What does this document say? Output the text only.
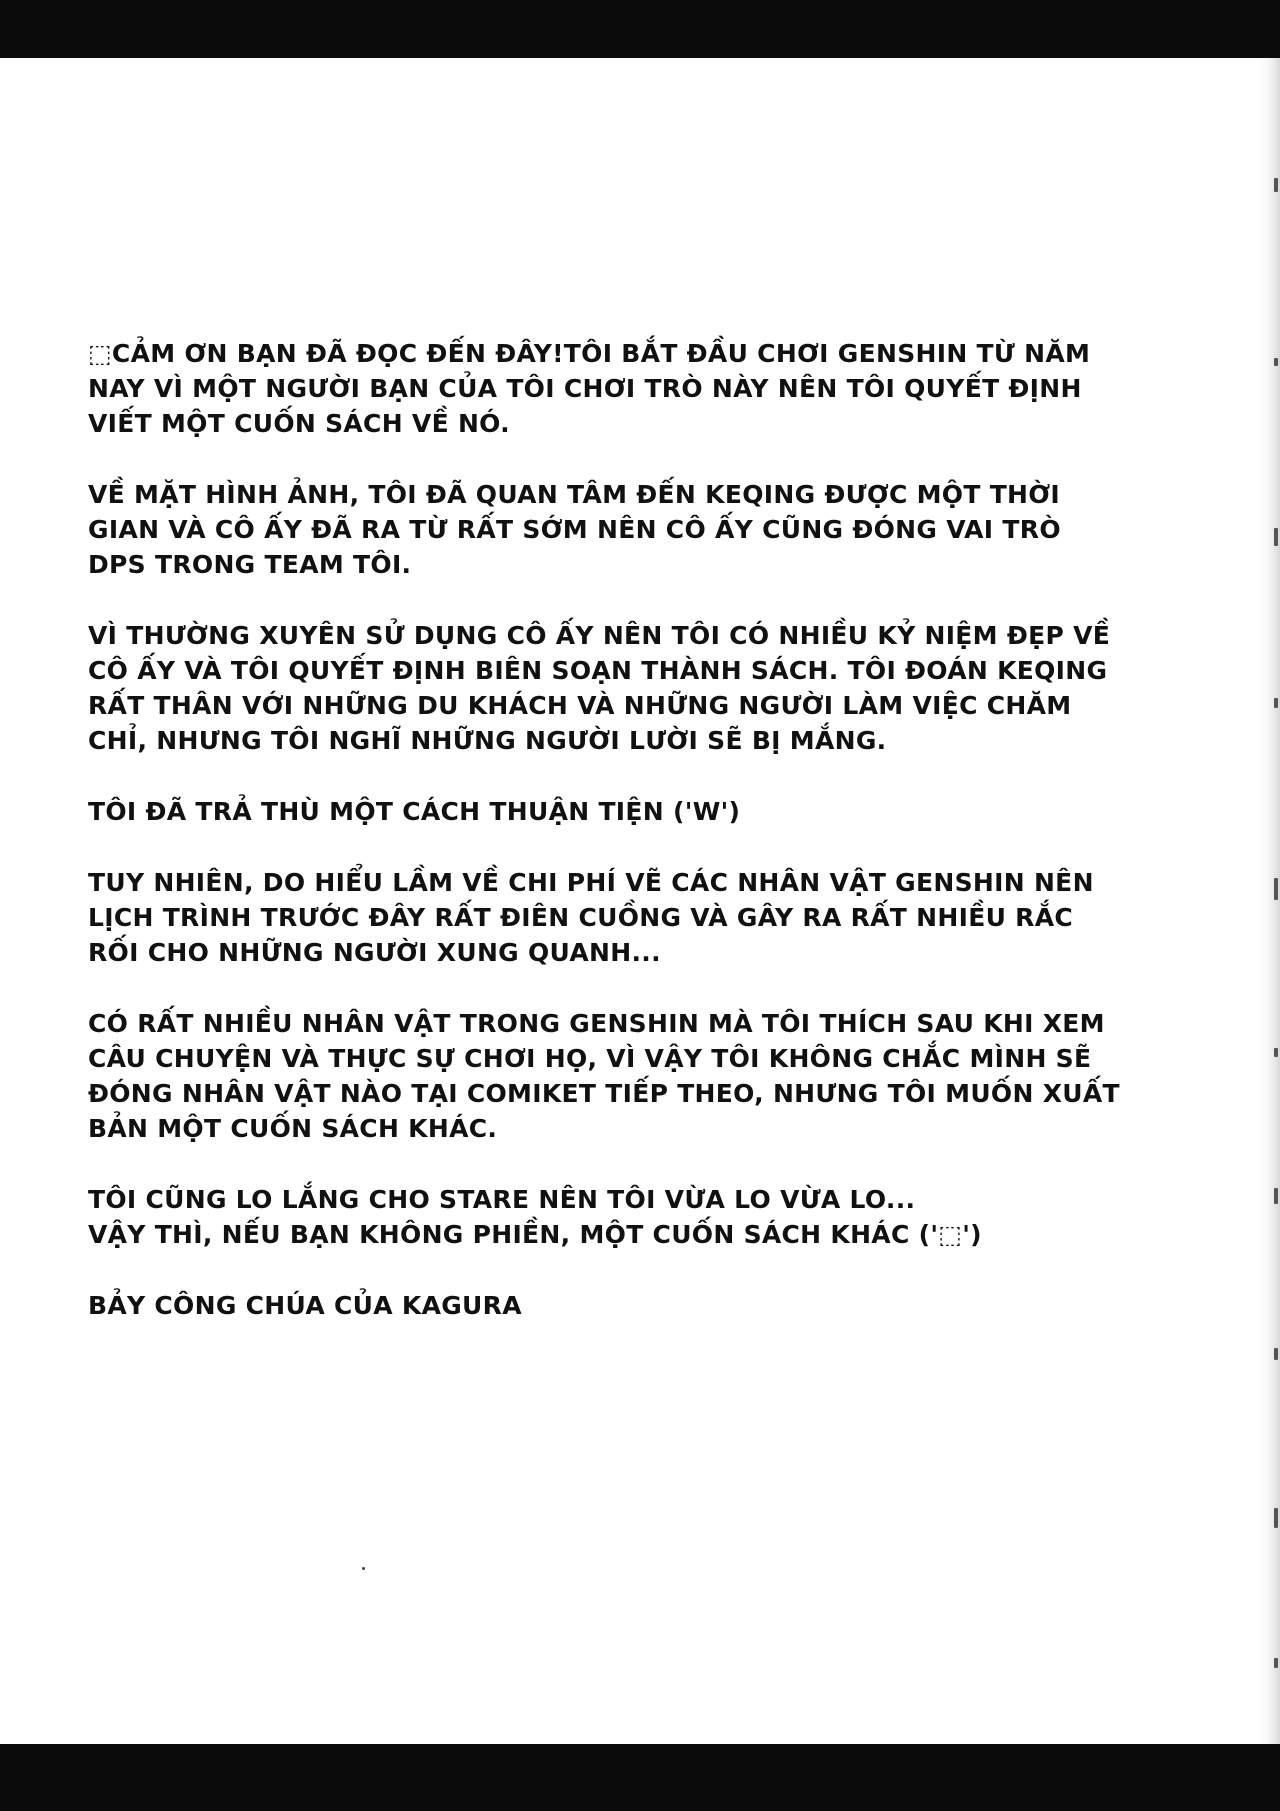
⬚CẢM ƠN BẠN ĐÃ ĐỌC ĐẾN ĐÂY!TÔI BẮT ĐẦU CHƠI GENSHIN TỪ NĂM
NAY VÌ MỘT NGƯỜI BẠN CỦA TÔI CHƠI TRÒ NÀY NÊN TÔI QUYẾT ĐỊNH
VIẾT MỘT CUỐN SÁCH VỀ NÓ.
VỀ MẶT HÌNH ẢNH, TÔI ĐÃ QUAN TÂM ĐẾN KEQING ĐƯỢC MỘT THỜI
GIAN VÀ CÔ ẤY ĐÃ RA TỪ RẤT SỚM NÊN CÔ ẤY CŨNG ĐÓNG VAI TRÒ
DPS TRONG TEAM TÔI.
VÌ THƯỜNG XUYÊN SỬ DỤNG CÔ ẤY NÊN TÔI CÓ NHIỀU KỶ NIỆM ĐẸP VỀ
CÔ ẤY VÀ TÔI QUYẾT ĐỊNH BIÊN SOẠN THÀNH SÁCH. TÔI ĐOÁN KEQING
RẤT THÂN VỚI NHỮNG DU KHÁCH VÀ NHỮNG NGƯỜI LÀM VIỆC CHĂM
CHỈ, NHƯNG TÔI NGHĨ NHỮNG NGƯỜI LƯỜI SẼ BỊ MẮNG.
TÔI ĐÃ TRẢ THÙ MỘT CÁCH THUẬN TIỆN ('W')
TUY NHIÊN, DO HIỂU LẦM VỀ CHI PHÍ VẼ CÁC NHÂN VẬT GENSHIN NÊN
LỊCH TRÌNH TRƯỚC ĐÂY RẤT ĐIÊN CUỒNG VÀ GÂY RA RẤT NHIỀU RẮC
RỐI CHO NHỮNG NGƯỜI XUNG QUANH...
CÓ RẤT NHIỀU NHÂN VẬT TRONG GENSHIN MÀ TÔI THÍCH SAU KHI XEM
CÂU CHUYỆN VÀ THỰC SỰ CHƠI HỌ, VÌ VẬY TÔI KHÔNG CHẮC MÌNH SẼ
ĐÓNG NHÂN VẬT NÀO TẠI COMIKET TIẾP THEO, NHƯNG TÔI MUỐN XUẤT
BẢN MỘT CUỐN SÁCH KHÁC.
TÔI CŨNG LO LẮNG CHO STARE NÊN TÔI VỪA LO VỪA LO...
VẬY THÌ, NẾU BẠN KHÔNG PHIỀN, MỘT CUỐN SÁCH KHÁC ('⬚')
BẢY CÔNG CHÚA CỦA KAGURA
